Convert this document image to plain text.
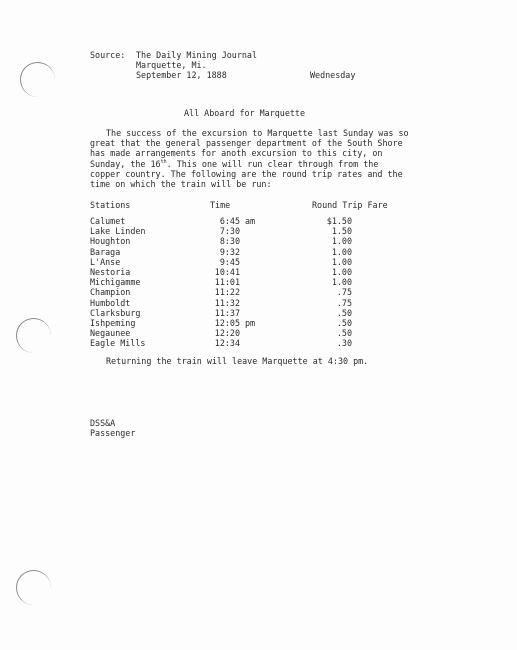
Source: The Daily Mining Journal
Marquette, Mi.
September 12, 1888	Wednesday
All Aboard for Marquette
The success of the excursion to Marquette last Sunday was so great that the general passenger department of the South Shore has made arrangements for anoth excursion to this city, on Sunday, the 16th. This one will run clear through from the copper country. The following are the round trip rates and the time on which the train will be run:
Stations	Time	Round Trip Fare
Calumet	6:45 am	$1.50
Lake Linden	7:30	1.50
Houghton	8:30	1.00
Baraga	9:32	1.00
L'Anse	9:45	1.00
Nestoria	10:41	1.00
Michigamme	11:01	1.00
Champion	11:22	.75
Humboldt	11:32	.75
Clarksburg	11:37	.50
Ishpeming	12:05 pm	.50
Negaunee	12:20	.50
Eagle Mills	12:34	.30
Returning the train will leave Marquette at 4:30 pm.
DSS&A
Passenger
